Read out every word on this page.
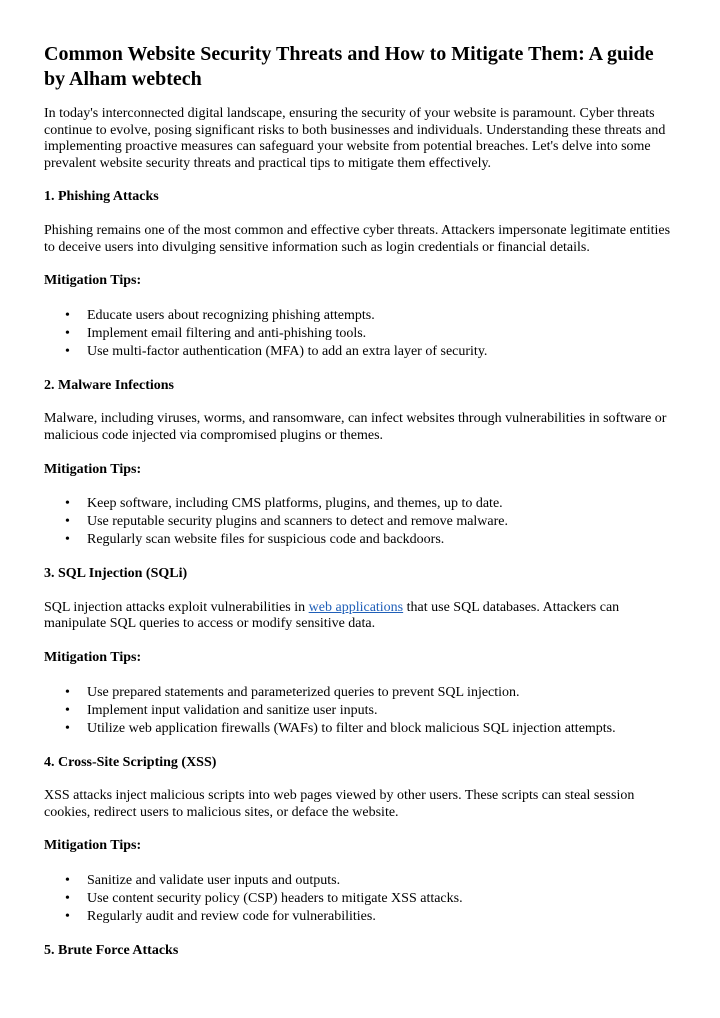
Common Website Security Threats and How to Mitigate Them: A guide by Alham webtech

In today's interconnected digital landscape, ensuring the security of your website is paramount. Cyber threats continue to evolve, posing significant risks to both businesses and individuals. Understanding these threats and implementing proactive measures can safeguard your website from potential breaches. Let's delve into some prevalent website security threats and practical tips to mitigate them effectively.

1. Phishing Attacks

Phishing remains one of the most common and effective cyber threats. Attackers impersonate legitimate entities to deceive users into divulging sensitive information such as login credentials or financial details.

Mitigation Tips:
• Educate users about recognizing phishing attempts.
• Implement email filtering and anti-phishing tools.
• Use multi-factor authentication (MFA) to add an extra layer of security.
2. Malware Infections

Malware, including viruses, worms, and ransomware, can infect websites through vulnerabilities in software or malicious code injected via compromised plugins or themes.

Mitigation Tips:
• Keep software, including CMS platforms, plugins, and themes, up to date.
• Use reputable security plugins and scanners to detect and remove malware.
• Regularly scan website files for suspicious code and backdoors.
3. SQL Injection (SQLi)

SQL injection attacks exploit vulnerabilities in web applications that use SQL databases. Attackers can manipulate SQL queries to access or modify sensitive data.

Mitigation Tips:
• Use prepared statements and parameterized queries to prevent SQL injection.
• Implement input validation and sanitize user inputs.
• Utilize web application firewalls (WAFs) to filter and block malicious SQL injection attempts.
4. Cross-Site Scripting (XSS)

XSS attacks inject malicious scripts into web pages viewed by other users. These scripts can steal session cookies, redirect users to malicious sites, or deface the website.

Mitigation Tips:
• Sanitize and validate user inputs and outputs.
• Use content security policy (CSP) headers to mitigate XSS attacks.
• Regularly audit and review code for vulnerabilities.
5. Brute Force Attacks
